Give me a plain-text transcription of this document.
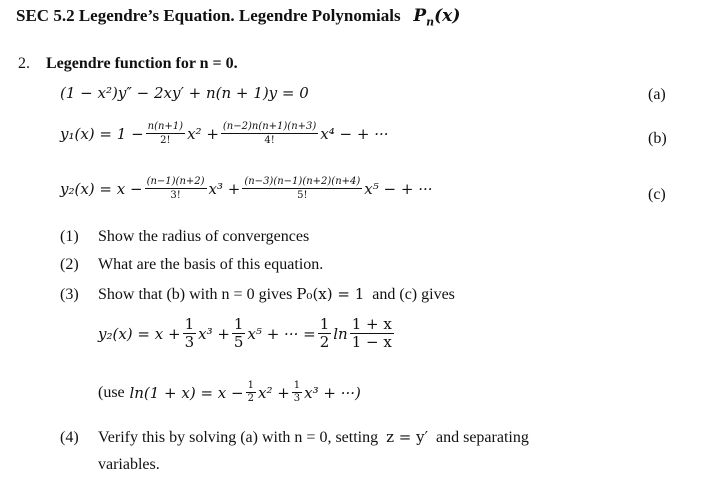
SEC 5.2 Legendre’s Equation. Legendre Polynomials $P_n(x)$
2. Legendre function for n = 0.
(1 − x²)y″ − 2xy′ + n(n + 1)y = 0	(a)
$y_1(x) = 1 - \frac{n(n+1)}{2!} x^2 + \frac{(n-2)n(n+1)(n+3)}{4!} x^4$ − + ···	(b)
$y_2(x) = x - \frac{(n-1)(n+2)}{3!} x^3 + \frac{(n-3)(n-1)(n+2)(n+4)}{5!} x^5$ − + ···	(c)
(1) Show the radius of convergences
(2) What are the basis of this equation.
(3) Show that (b) with n = 0 gives P₀(x) = 1 and (c) gives
$y_2(x) = x + \frac{1}{3} x^3 + \frac{1}{5} x^5$ + ··· = $\frac{1}{2}$ $\ln \frac{1 + x}{1 - x}$
(use
$\ln(1 + x) = x - \frac{1}{2} x^2 + \frac{1}{3} x^3$ + ···)
(4) Verify this by solving (a) with n = 0, setting z = y′ and separating
variables.
